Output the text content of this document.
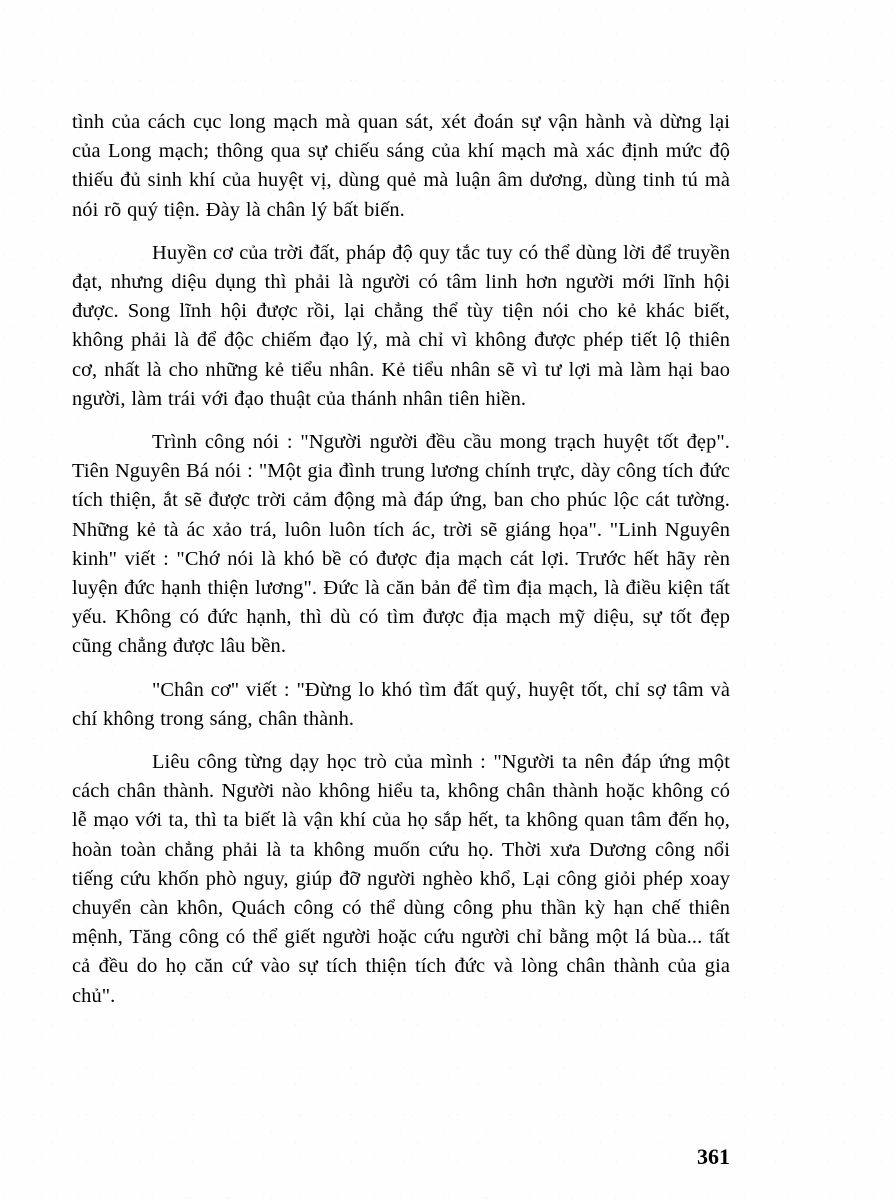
tình của cách cục long mạch mà quan sát, xét đoán sự vận hành và dừng lại của Long mạch; thông qua sự chiếu sáng của khí mạch mà xác định mức độ thiếu đủ sinh khí của huyệt vị, dùng quẻ mà luận âm dương, dùng tinh tú mà nói rõ quý tiện. Đày là chân lý bất biến.

Huyền cơ của trời đất, pháp độ quy tắc tuy có thể dùng lời để truyền đạt, nhưng diệu dụng thì phải là người có tâm linh hơn người mới lĩnh hội được. Song lĩnh hội được rồi, lại chẳng thể tùy tiện nói cho kẻ khác biết, không phải là để độc chiếm đạo lý, mà chỉ vì không được phép tiết lộ thiên cơ, nhất là cho những kẻ tiểu nhân. Kẻ tiểu nhân sẽ vì tư lợi mà làm hại bao người, làm trái với đạo thuật của thánh nhân tiên hiền.

Trình công nói : "Người người đều cầu mong trạch huyệt tốt đẹp". Tiên Nguyên Bá nói : "Một gia đình trung lương chính trực, dày công tích đức tích thiện, ắt sẽ được trời cảm động mà đáp ứng, ban cho phúc lộc cát tường. Những kẻ tà ác xảo trá, luôn luôn tích ác, trời sẽ giáng họa". "Linh Nguyên kinh" viết : "Chớ nói là khó bề có được địa mạch cát lợi. Trước hết hãy rèn luyện đức hạnh thiện lương". Đức là căn bản để tìm địa mạch, là điều kiện tất yếu. Không có đức hạnh, thì dù có tìm được địa mạch mỹ diệu, sự tốt đẹp cũng chẳng được lâu bền.

"Chân cơ" viết : "Đừng lo khó tìm đất quý, huyệt tốt, chỉ sợ tâm và chí không trong sáng, chân thành.

Liêu công từng dạy học trò của mình : "Người ta nên đáp ứng một cách chân thành. Người nào không hiểu ta, không chân thành hoặc không có lễ mạo với ta, thì ta biết là vận khí của họ sắp hết, ta không quan tâm đến họ, hoàn toàn chẳng phải là ta không muốn cứu họ. Thời xưa Dương công nổi tiếng cứu khốn phò nguy, giúp đỡ người nghèo khổ, Lại công giỏi phép xoay chuyển càn khôn, Quách công có thể dùng công phu thần kỳ hạn chế thiên mệnh, Tăng công có thể giết người hoặc cứu người chỉ bằng một lá bùa... tất cả đều do họ căn cứ vào sự tích thiện tích đức và lòng chân thành của gia chủ".

361
